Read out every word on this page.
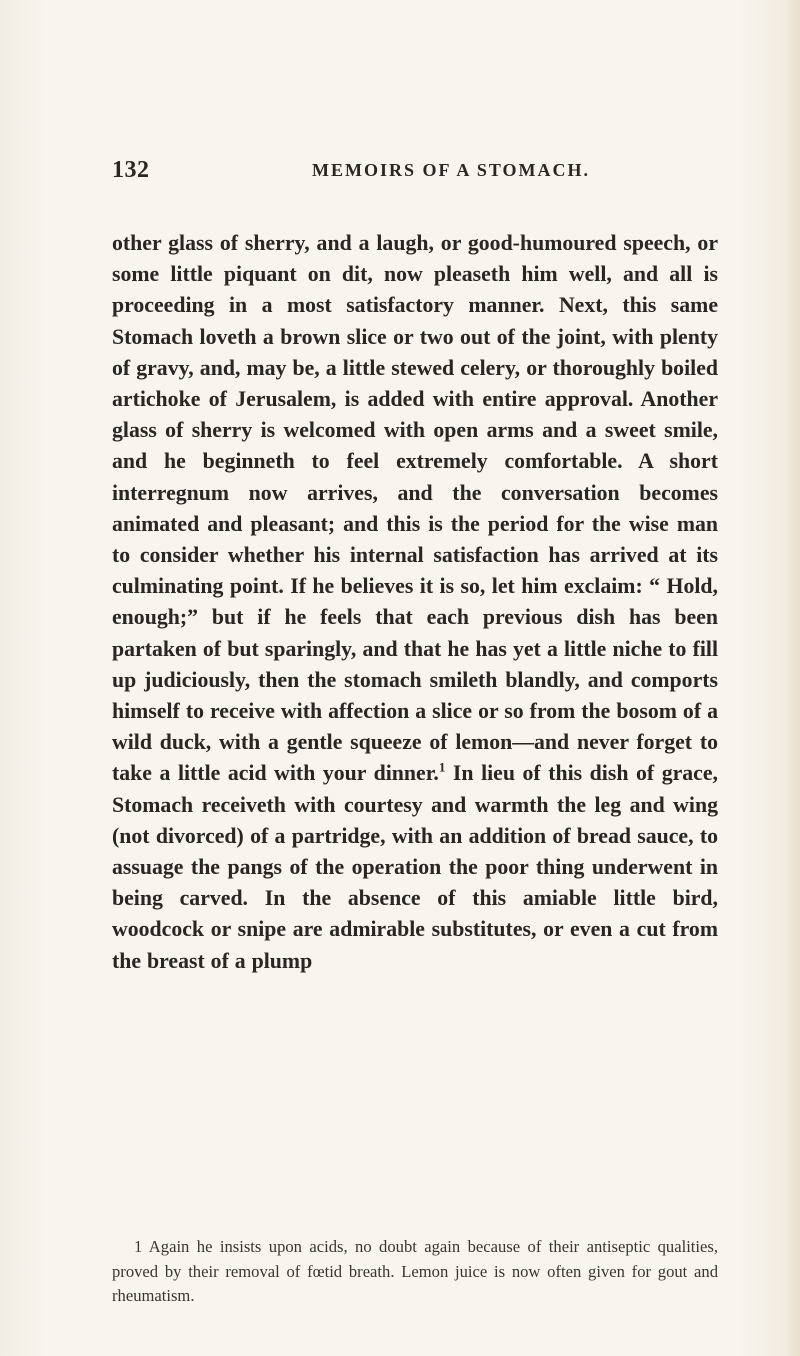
132	MEMOIRS OF A STOMACH.

other glass of sherry, and a laugh, or good-humoured speech, or some little piquant on dit, now pleaseth him well, and all is proceeding in a most satisfactory manner. Next, this same Stomach loveth a brown slice or two out of the joint, with plenty of gravy, and, may be, a little stewed celery, or thoroughly boiled artichoke of Jerusalem, is added with entire approval. Another glass of sherry is welcomed with open arms and a sweet smile, and he beginneth to feel extremely comfortable. A short interregnum now arrives, and the conversation becomes animated and pleasant; and this is the period for the wise man to consider whether his internal satisfaction has arrived at its culminating point. If he believes it is so, let him exclaim: “ Hold, enough;” but if he feels that each previous dish has been partaken of but sparingly, and that he has yet a little niche to fill up judiciously, then the stomach smileth blandly, and comports himself to receive with affection a slice or so from the bosom of a wild duck, with a gentle squeeze of lemon—and never forget to take a little acid with your dinner.$^1$ In lieu of this dish of grace, Stomach receiveth with courtesy and warmth the leg and wing (not divorced) of a partridge, with an addition of bread sauce, to assuage the pangs of the operation the poor thing underwent in being carved. In the absence of this amiable little bird, woodcock or snipe are admirable substitutes, or even a cut from the breast of a plump

1 Again he insists upon acids, no doubt again because of their antiseptic qualities, proved by their removal of fœtid breath. Lemon juice is now often given for gout and rheumatism.
